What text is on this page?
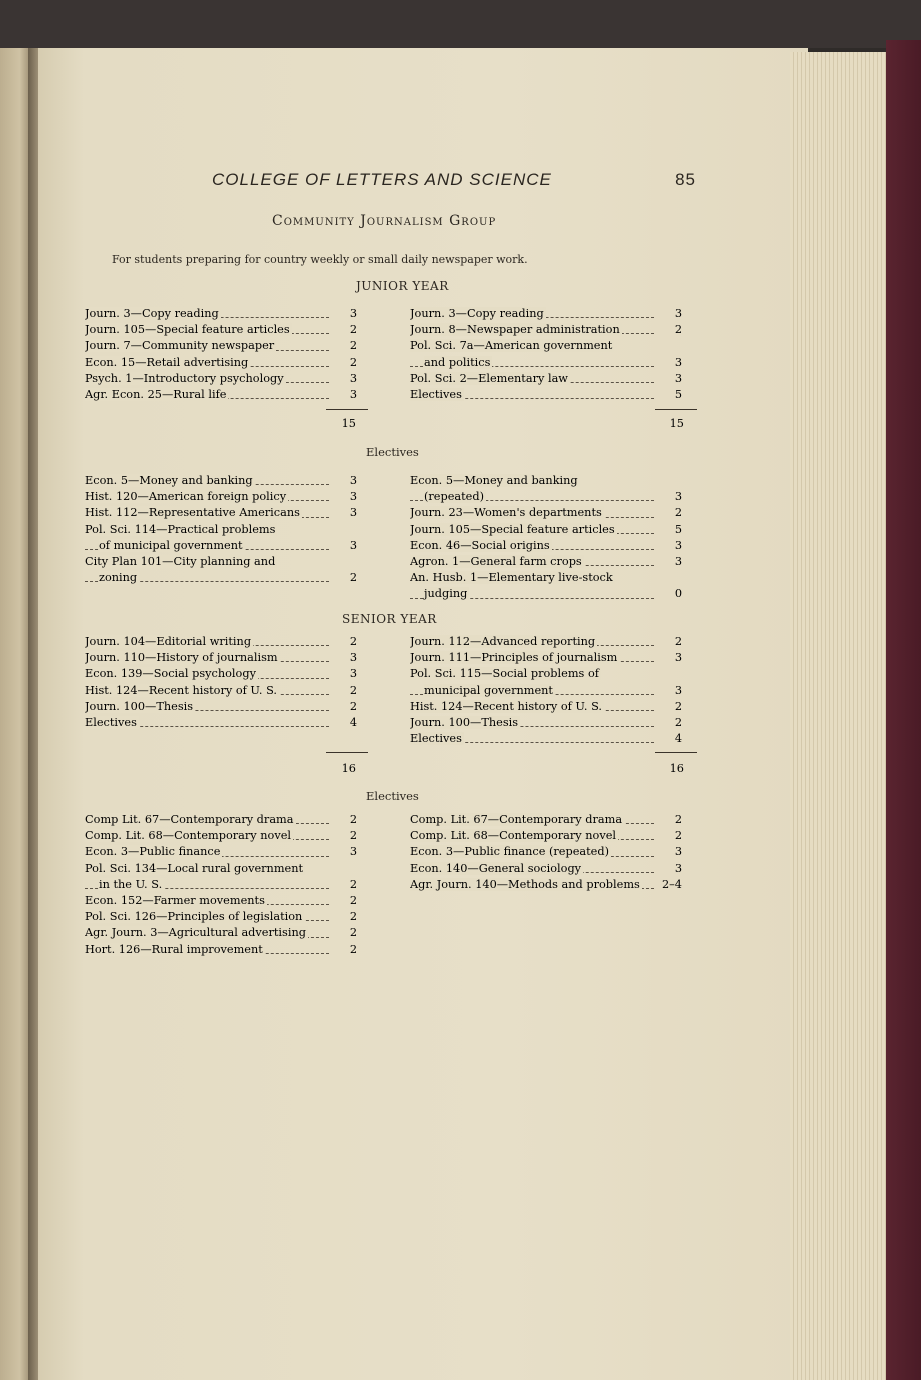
COLLEGE OF LETTERS AND SCIENCE	85
Community Journalism Group
For students preparing for country weekly or small daily newspaper work.
JUNIOR YEAR
Journ. 3—Copy reading	3
Journ. 105—Special feature articles	2
Journ. 7—Community newspaper	2
Econ. 15—Retail advertising	2
Psych. 1—Introductory psychology	3
Agr. Econ. 25—Rural life	3
Journ. 3—Copy reading	3
Journ. 8—Newspaper administration	2
Pol. Sci. 7a—American government
and politics	3
Pol. Sci. 2—Elementary law	3
Electives	5
15	15
Electives
Econ. 5—Money and banking	3
Hist. 120—American foreign policy	3
Hist. 112—Representative Americans	3
Pol. Sci. 114—Practical problems
of municipal government	3
City Plan 101—City planning and
zoning	2
Econ. 5—Money and banking
(repeated)	3
Journ. 23—Women's departments	2
Journ. 105—Special feature articles	5
Econ. 46—Social origins	3
Agron. 1—General farm crops	3
An. Husb. 1—Elementary live-stock
judging	0
SENIOR YEAR
Journ. 104—Editorial writing	2
Journ. 110—History of journalism	3
Econ. 139—Social psychology	3
Hist. 124—Recent history of U. S.	2
Journ. 100—Thesis	2
Electives	4
Journ. 112—Advanced reporting	2
Journ. 111—Principles of journalism	3
Pol. Sci. 115—Social problems of
municipal government	3
Hist. 124—Recent history of U. S.	2
Journ. 100—Thesis	2
Electives	4
16	16
Electives
Comp Lit. 67—Contemporary drama	2
Comp. Lit. 68—Contemporary novel	2
Econ. 3—Public finance	3
Pol. Sci. 134—Local rural government
in the U. S.	2
Econ. 152—Farmer movements	2
Pol. Sci. 126—Principles of legislation	2
Agr. Journ. 3—Agricultural advertising	2
Hort. 126—Rural improvement	2
Comp. Lit. 67—Contemporary drama	2
Comp. Lit. 68—Contemporary novel	2
Econ. 3—Public finance (repeated)	3
Econ. 140—General sociology	3
Agr. Journ. 140—Methods and problems	2–4
